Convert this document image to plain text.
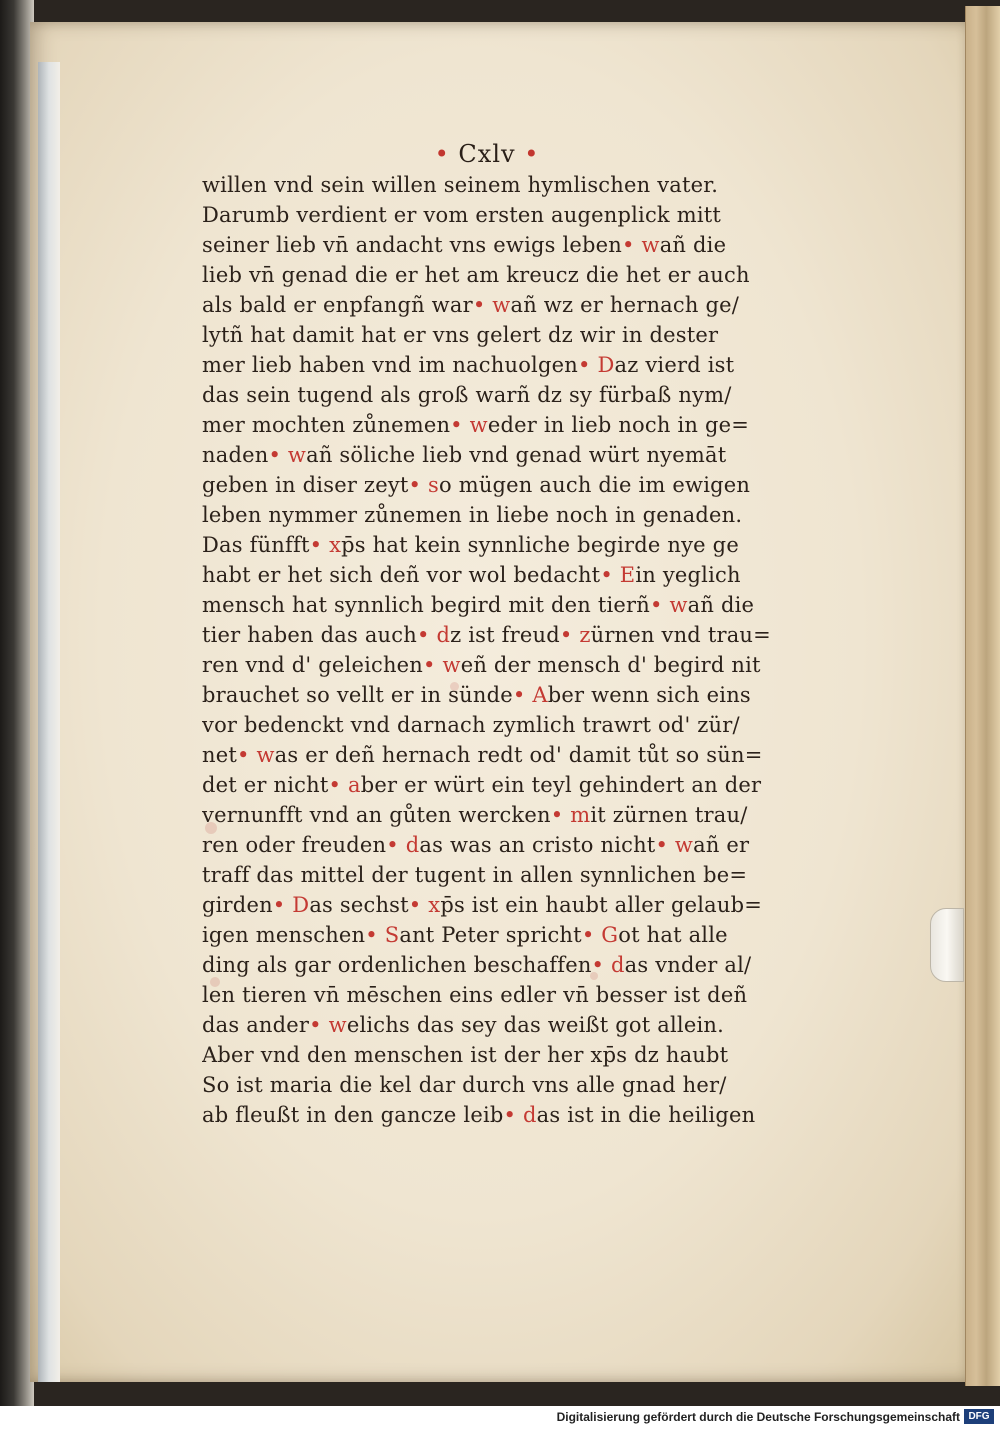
• Cxlv •
willen vnd sein willen seinem hymlischen vater.
Darumb verdient er vom ersten augenplick mitt
seiner lieb vn̄ andacht vns ewigs leben• wañ die
lieb vn̄ genad die er het am kreucz die het er auch
als bald er enpfangñ war• wañ wz er hernach ge/
lytñ hat damit hat er vns gelert dz wir in dester
mer lieb haben vnd im nachuolgen• Daz vierd ist
das sein tugend als groß warñ dz sy fürbaß nym/
mer mochten zůnemen• weder in lieb noch in ge=
naden• wañ söliche lieb vnd genad würt nyemāt
geben in diser zeyt• so mügen auch die im ewigen
leben nymmer zůnemen in liebe noch in genaden.
Das fünfft• xp̄s hat kein synnliche begirde nye ge
habt er het sich deñ vor wol bedacht• Ein yeglich
mensch hat synnlich begird mit den tierñ• wañ die
tier haben das auch• dz ist freud• zürnen vnd trau=
ren vnd d' geleichen• weñ der mensch d' begird nit
brauchet so vellt er in sünde• Aber wenn sich eins
vor bedenckt vnd darnach zymlich trawrt od' zür/
net• was er deñ hernach redt od' damit tůt so sün=
det er nicht• aber er würt ein teyl gehindert an der
vernunfft vnd an gůten wercken• mit zürnen trau/
ren oder freuden• das was an cristo nicht• wañ er
traff das mittel der tugent in allen synnlichen be=
girden• Das sechst• xp̄s ist ein haubt aller gelaub=
igen menschen• Sant Peter spricht• Got hat alle
ding als gar ordenlichen beschaffen• das vnder al/
len tieren vn̄ mēschen eins edler vn̄ besser ist deñ
das ander• welichs das sey das weißt got allein.
Aber vnd den menschen ist der her xp̄s dz haubt
So ist maria die kel dar durch vns alle gnad her/
ab fleußt in den gancze leib• das ist in die heiligen
Digitalisierung gefördert durch die Deutsche Forschungsgemeinschaft DFG
